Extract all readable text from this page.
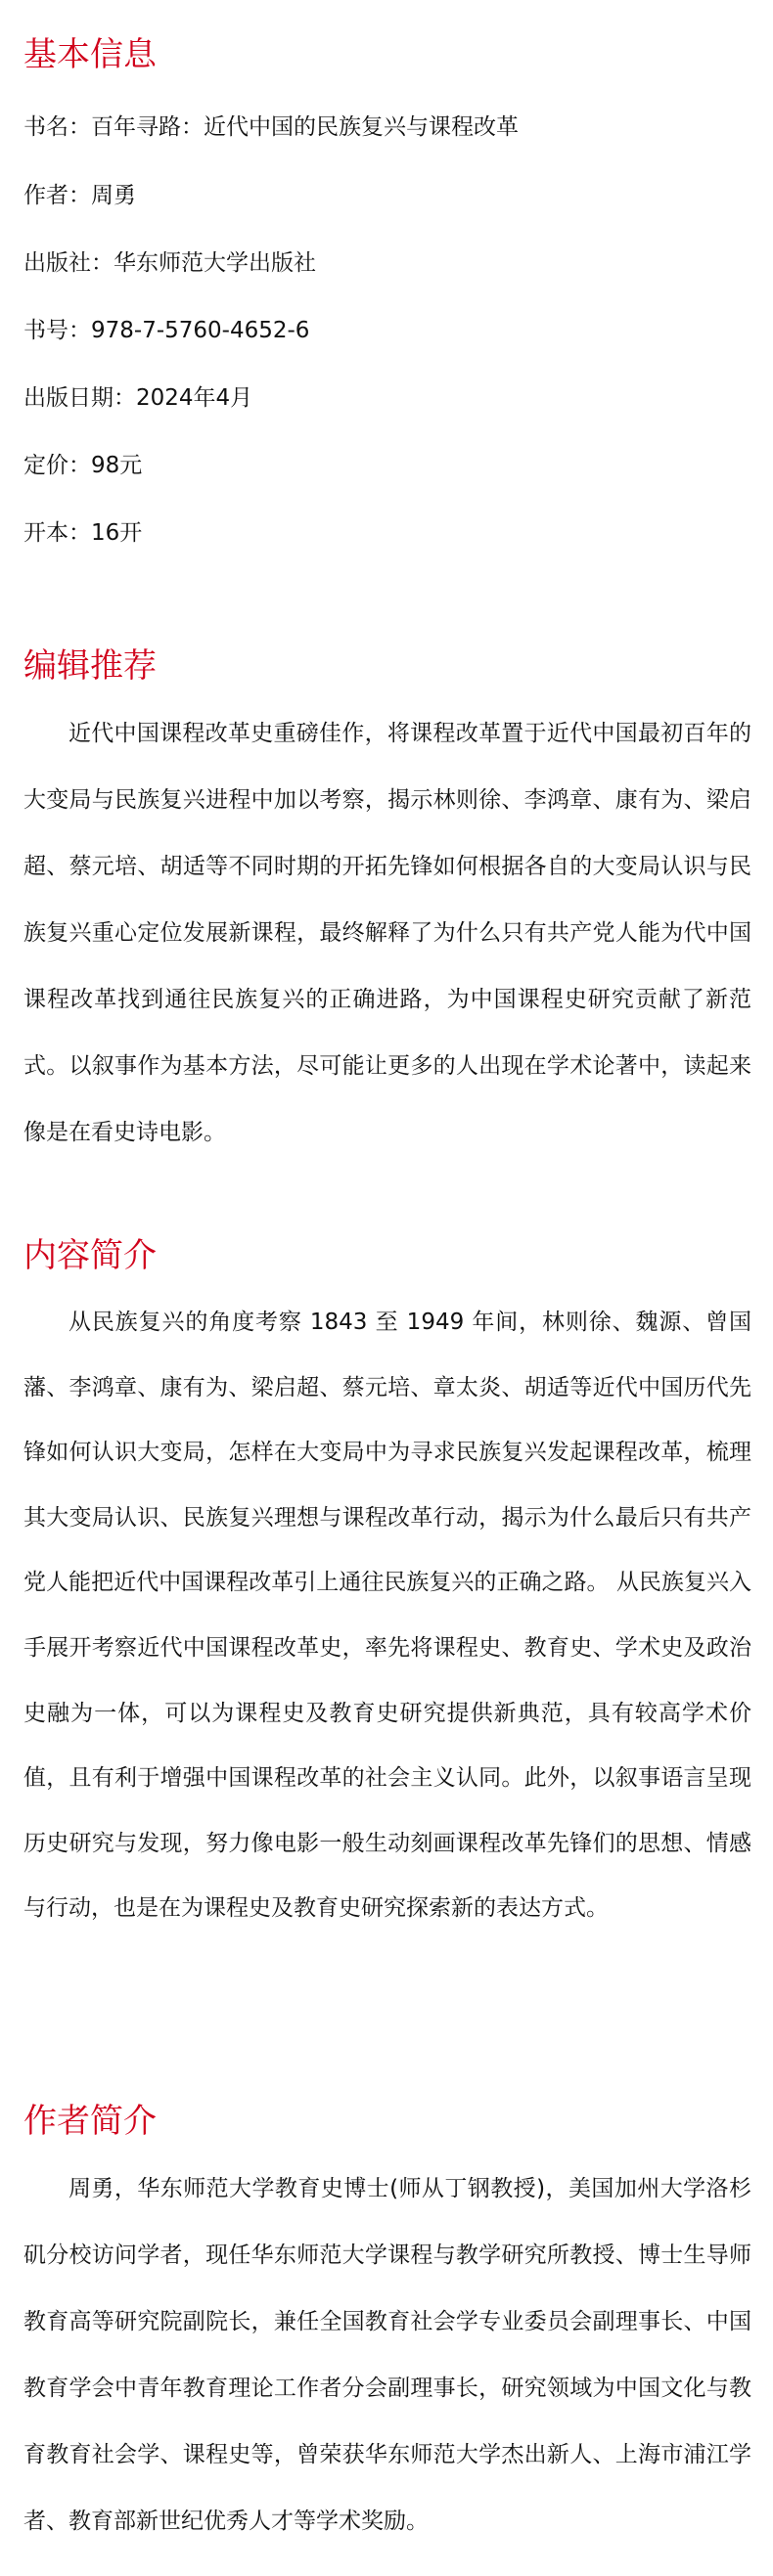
基本信息

书名：百年寻路：近代中国的民族复兴与课程改革

作者：周勇

出版社：华东师范大学出版社

书号：978-7-5760-4652-6

出版日期：2024年4月

定价：98元

开本：16开

编辑推荐

近代中国课程改革史重磅佳作，将课程改革置于近代中国最初百年的大变局与民族复兴进程中加以考察，揭示林则徐、李鸿章、康有为、梁启超、蔡元培、胡适等不同时期的开拓先锋如何根据各自的大变局认识与民族复兴重心定位发展新课程，最终解释了为什么只有共产党人能为代中国课程改革找到通往民族复兴的正确进路，为中国课程史研究贡献了新范式。以叙事作为基本方法，尽可能让更多的人出现在学术论著中，读起来像是在看史诗电影。

内容简介

从民族复兴的角度考察 1843 至 1949 年间，林则徐、魏源、曾国藩、李鸿章、康有为、梁启超、蔡元培、章太炎、胡适等近代中国历代先锋如何认识大变局，怎样在大变局中为寻求民族复兴发起课程改革，梳理其大变局认识、民族复兴理想与课程改革行动，揭示为什么最后只有共产党人能把近代中国课程改革引上通往民族复兴的正确之路。 从民族复兴入手展开考察近代中国课程改革史，率先将课程史、教育史、学术史及政治史融为一体，可以为课程史及教育史研究提供新典范，具有较高学术价值，且有利于增强中国课程改革的社会主义认同。此外，以叙事语言呈现历史研究与发现，努力像电影一般生动刻画课程改革先锋们的思想、情感与行动，也是在为课程史及教育史研究探索新的表达方式。

作者简介

周勇，华东师范大学教育史博士(师从丁钢教授)，美国加州大学洛杉矶分校访问学者，现任华东师范大学课程与教学研究所教授、博士生导师教育高等研究院副院长，兼任全国教育社会学专业委员会副理事长、中国教育学会中青年教育理论工作者分会副理事长，研究领域为中国文化与教育教育社会学、课程史等，曾荣获华东师范大学杰出新人、上海市浦江学者、教育部新世纪优秀人才等学术奖励。
